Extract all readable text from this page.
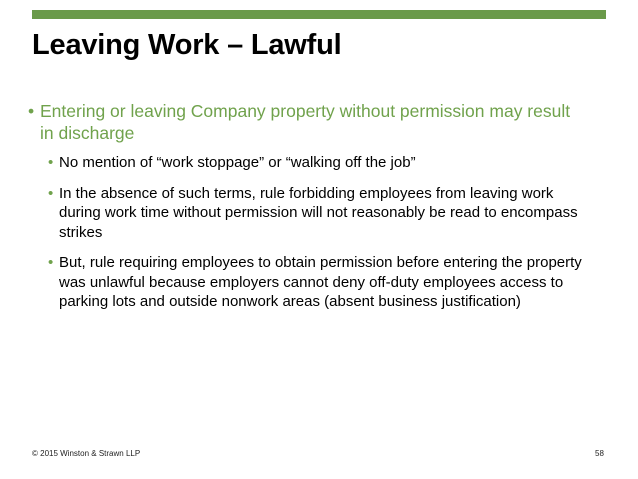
Leaving Work – Lawful
• Entering or leaving Company property without permission may result in discharge
• No mention of “work stoppage” or “walking off the job”
• In the absence of such terms, rule forbidding employees from leaving work during work time without permission will not reasonably be read to encompass strikes
• But, rule requiring employees to obtain permission before entering the property was unlawful because employers cannot deny off-duty employees access to parking lots and outside nonwork areas (absent business justification)
© 2015 Winston & Strawn LLP	58
